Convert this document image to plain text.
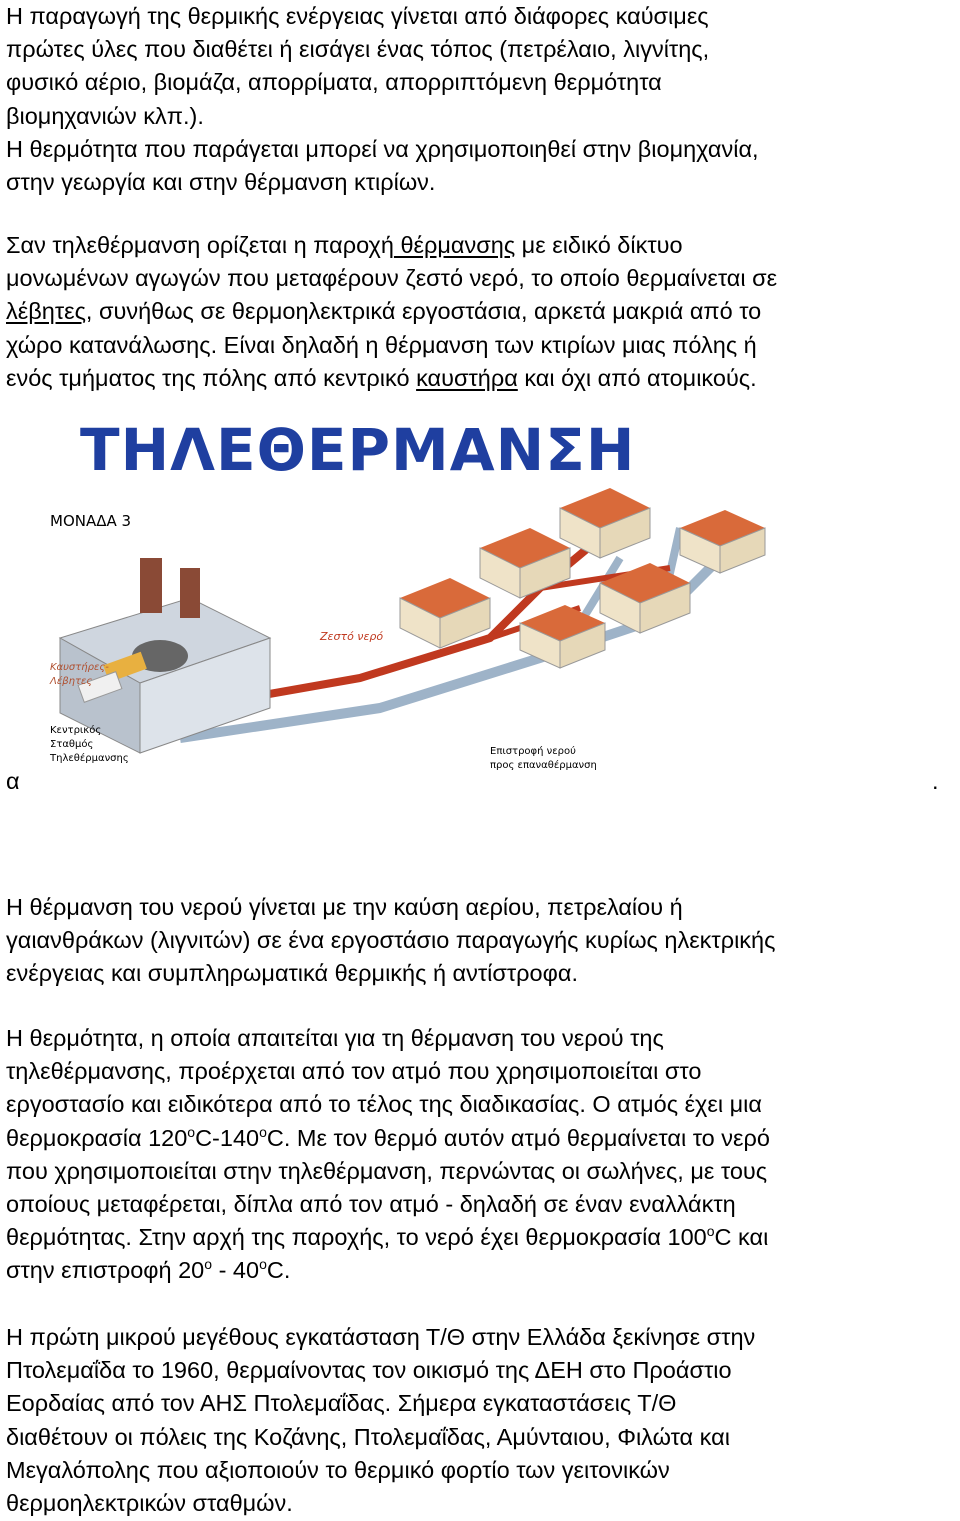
Η παραγωγή της θερμικής ενέργειας γίνεται από διάφορες καύσιμες
πρώτες ύλες που διαθέτει ή εισάγει ένας τόπος (πετρέλαιο, λιγνίτης,
φυσικό αέριο, βιομάζα, απορρίματα, απορριπτόμενη θερμότητα
βιομηχανιών κλπ.).
Η θερμότητα που παράγεται μπορεί να χρησιμοποιηθεί στην βιομηχανία,
στην γεωργία και στην θέρμανση κτιρίων.
Σαν τηλεθέρμανση ορίζεται η παροχή θέρμανσης με ειδικό δίκτυο
μονωμένων αγωγών που μεταφέρουν ζεστό νερό, το οποίο θερμαίνεται σε
λέβητες, συνήθως σε θερμοηλεκτρικά εργοστάσια, αρκετά μακριά από το
χώρο κατανάλωσης. Είναι δηλαδή η θέρμανση των κτιρίων μιας πόλης ή
ενός τμήματος της πόλης από κεντρικό καυστήρα και όχι από ατομικούς.
ΤΗΛΕΘΕΡΜΑΝΣΗ
ΜΟΝΑΔΑ 3
Ζεστό νερό
Καυστήρες-
Λέβητες
Κεντρικός
Σταθμός
Τηλεθέρμανσης
Επιστροφή νερού
προς επαναθέρμανση
α	.
Η θέρμανση του νερού γίνεται με την καύση αερίου, πετρελαίου ή
γαιανθράκων (λιγνιτών) σε ένα εργοστάσιο παραγωγής κυρίως ηλεκτρικής
ενέργειας και συμπληρωματικά θερμικής ή αντίστροφα.
Η θερμότητα, η οποία απαιτείται για τη θέρμανση του νερού της
τηλεθέρμανσης, προέρχεται από τον ατμό που χρησιμοποιείται στο
εργοστασίο και ειδικότερα από το τέλος της διαδικασίας. Ο ατμός έχει μια
θερμοκρασία 120$^o$C-140$^o$C. Με τον θερμό αυτόν ατμό θερμαίνεται το νερό
που χρησιμοποιείται στην τηλεθέρμανση, περνώντας οι σωλήνες, με τους
οποίους μεταφέρεται, δίπλα από τον ατμό - δηλαδή σε έναν εναλλάκτη
θερμότητας. Στην αρχή της παροχής, το νερό έχει θερμοκρασία 100$^o$C και
στην επιστροφή 20$^o$ - 40$^o$C.
Η πρώτη μικρού μεγέθους εγκατάσταση Τ/Θ στην Ελλάδα ξεκίνησε στην
Πτολεμαΐδα το 1960, θερμαίνοντας τον οικισμό της ΔΕΗ στο Προάστιο
Εορδαίας από τον ΑΗΣ Πτολεμαΐδας. Σήμερα εγκαταστάσεις Τ/Θ
διαθέτουν οι πόλεις της Κοζάνης, Πτολεμαΐδας, Αμύνταιου, Φιλώτα και
Μεγαλόπολης που αξιοποιούν το θερμικό φορτίο των γειτονικών
θερμοηλεκτρικών σταθμών.
